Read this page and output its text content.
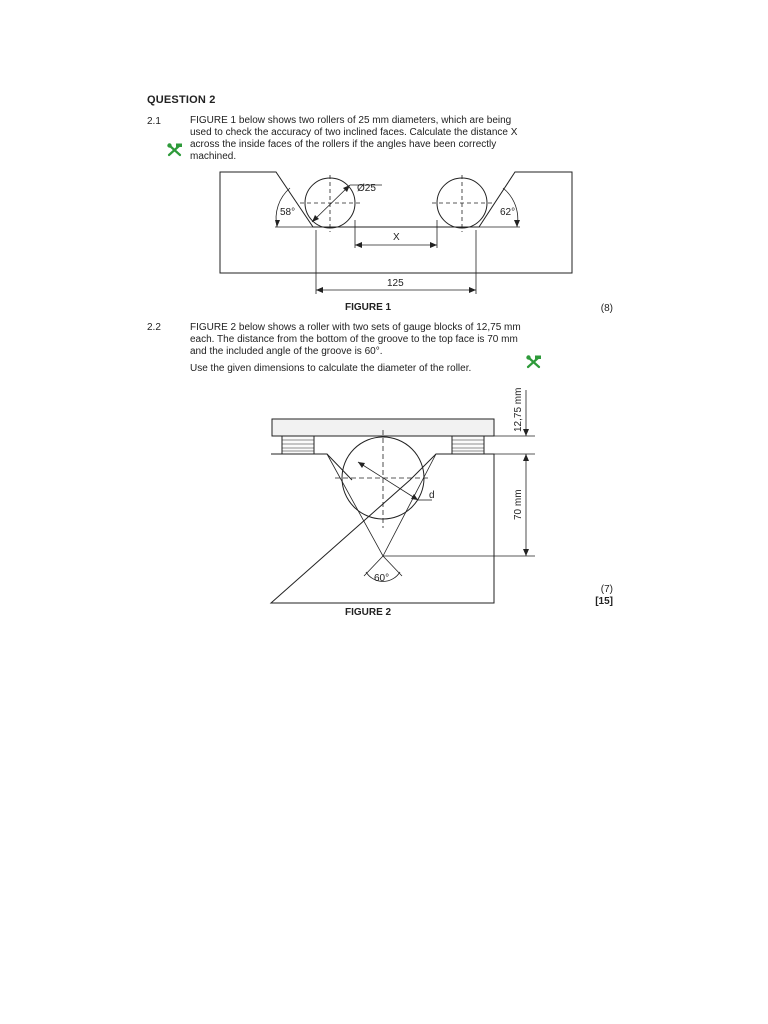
QUESTION 2
2.1	FIGURE 1 below shows two rollers of 25 mm diameters, which are being
used to check the accuracy of two inclined faces. Calculate the distance X
across the inside faces of the rollers if the angles have been correctly
machined.
Ø25
58°	62°
X
125
FIGURE 1	(8)
2.2	FIGURE 2 below shows a roller with two sets of gauge blocks of 12,75 mm
each. The distance from the bottom of the groove to the top face is 70 mm
and the included angle of the groove is 60°.
Use the given dimensions to calculate the diameter of the roller.
d
60°
12,75 mm
70 mm
FIGURE 2
(7)
[15]
